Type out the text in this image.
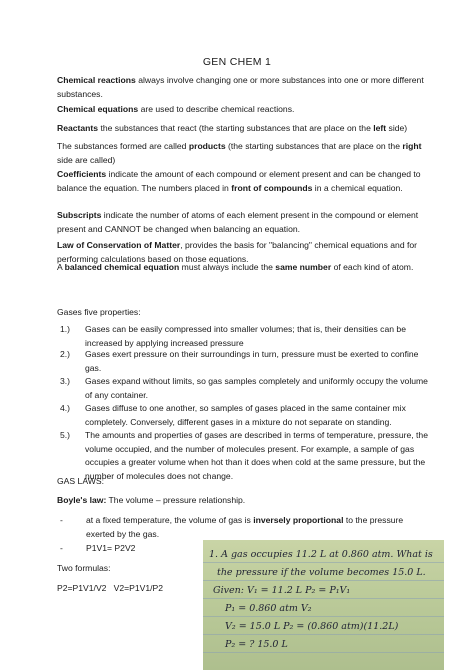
GEN CHEM 1
Chemical reactions always involve changing one or more substances into one or more different substances.
Chemical equations are used to describe chemical reactions.
Reactants the substances that react (the starting substances that are place on the left side)
The substances formed are called products (the starting substances that are place on the right side are called)
Coefficients indicate the amount of each compound or element present and can be changed to balance the equation. The numbers placed in front of compounds in a chemical equation.
Subscripts indicate the number of atoms of each element present in the compound or element present and CANNOT be changed when balancing an equation.
Law of Conservation of Matter, provides the basis for "balancing" chemical equations and for performing calculations based on those equations.
A balanced chemical equation must always include the same number of each kind of atom.
Gases five properties:
1.) Gases can be easily compressed into smaller volumes; that is, their densities can be increased by applying increased pressure
2.) Gases exert pressure on their surroundings in turn, pressure must be exerted to confine gas.
3.) Gases expand without limits, so gas samples completely and uniformly occupy the volume of any container.
4.) Gases diffuse to one another, so samples of gases placed in the same container mix completely. Conversely, different gases in a mixture do not separate on standing.
5.) The amounts and properties of gases are described in terms of temperature, pressure, the volume occupied, and the number of molecules present. For example, a sample of gas occupies a greater volume when hot than it does when cold at the same pressure, but the number of molecules does not change.
GAS LAWS:
Boyle's law: The volume – pressure relationship.
-	at a fixed temperature, the volume of gas is inversely proportional to the pressure exerted by the gas.
-	P1V1= P2V2
Two formulas:
P2=P1V1/V2   V2=P1V1/P2
1. A gas occupies 11.2 L at 0.860 atm. What is
the pressure if the volume becomes 15.0 L.
Given: V₁ = 11.2 L P₂ = P₁V₁
P₁ = 0.860 atm V₂
V₂ = 15.0 L P₂ = (0.860 atm)(11.2L)
P₂ = ? 15.0 L
